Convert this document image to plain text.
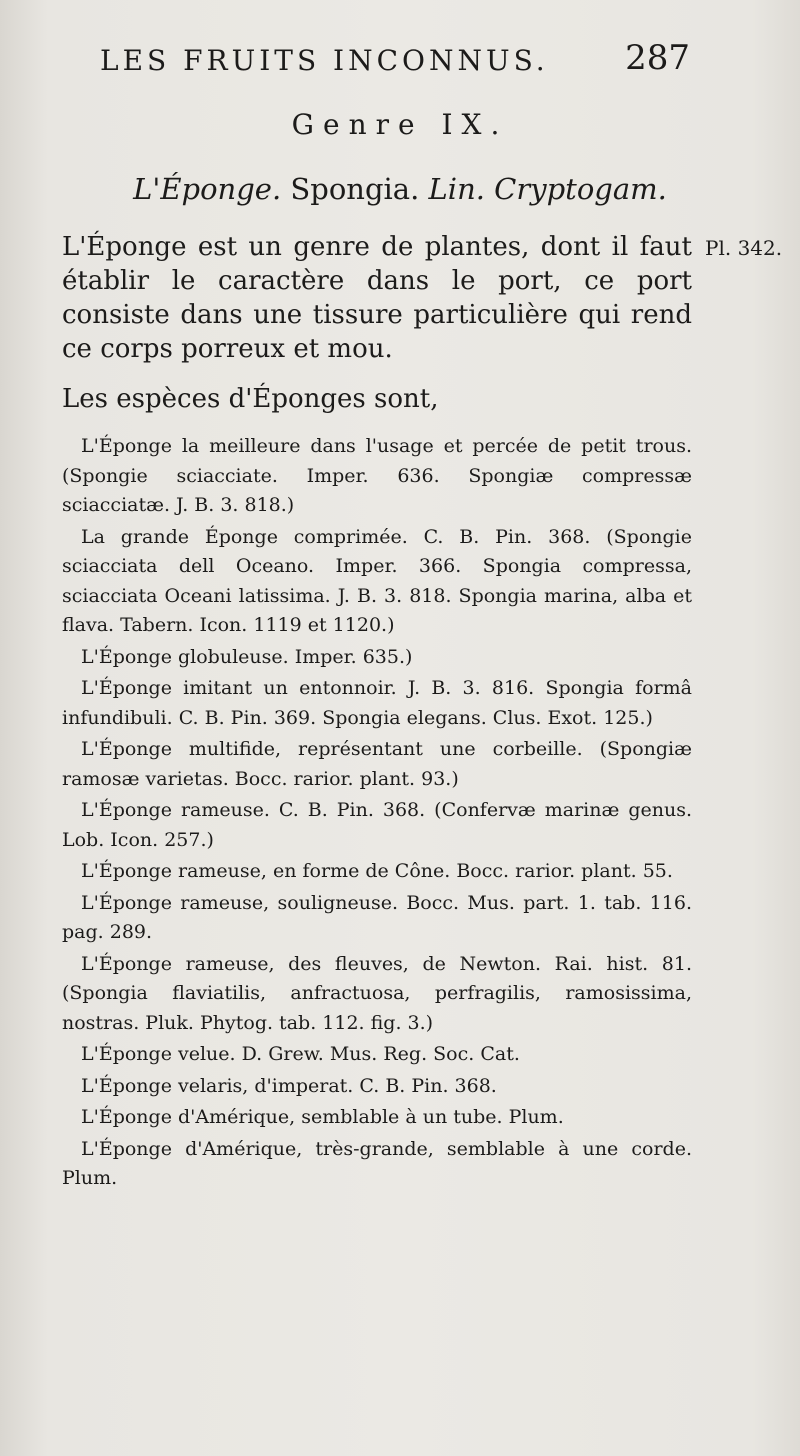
LES FRUITS INCONNUS. 287
Genre IX.
L'Éponge. Spongia. Lin. Cryptogam.
L'Éponge est un genre de plantes, dont il faut établir le caractère dans le port, ce port consiste dans une tissure particulière qui rend ce corps porreux et mou.
Pl. 342.
Les espèces d'Éponges sont,
L'Éponge la meilleure dans l'usage et percée de petit trous. (Spongie sciacciate. Imper. 636. Spongiæ compressæ sciacciatæ. J. B. 3. 818.)
La grande Éponge comprimée. C. B. Pin. 368. (Spongie sciacciata dell Oceano. Imper. 366. Spongia compressa, sciacciata Oceani latissima. J. B. 3. 818. Spongia marina, alba et flava. Tabern. Icon. 1119 et 1120.)
L'Éponge globuleuse. Imper. 635.)
L'Éponge imitant un entonnoir. J. B. 3. 816. Spongia formâ infundibuli. C. B. Pin. 369. Spongia elegans. Clus. Exot. 125.)
L'Éponge multifide, représentant une corbeille. (Spongiæ ramosæ varietas. Bocc. rarior. plant. 93.)
L'Éponge rameuse. C. B. Pin. 368. (Confervæ marinæ genus. Lob. Icon. 257.)
L'Éponge rameuse, en forme de Cône. Bocc. rarior. plant. 55.
L'Éponge rameuse, souligneuse. Bocc. Mus. part. 1. tab. 116. pag. 289.
L'Éponge rameuse, des fleuves, de Newton. Rai. hist. 81. (Spongia flaviatilis, anfractuosa, perfragilis, ramosissima, nostras. Pluk. Phytog. tab. 112. fig. 3.)
L'Éponge velue. D. Grew. Mus. Reg. Soc. Cat.
L'Éponge velaris, d'imperat. C. B. Pin. 368.
L'Éponge d'Amérique, semblable à un tube. Plum.
L'Éponge d'Amérique, très-grande, semblable à une corde. Plum.
